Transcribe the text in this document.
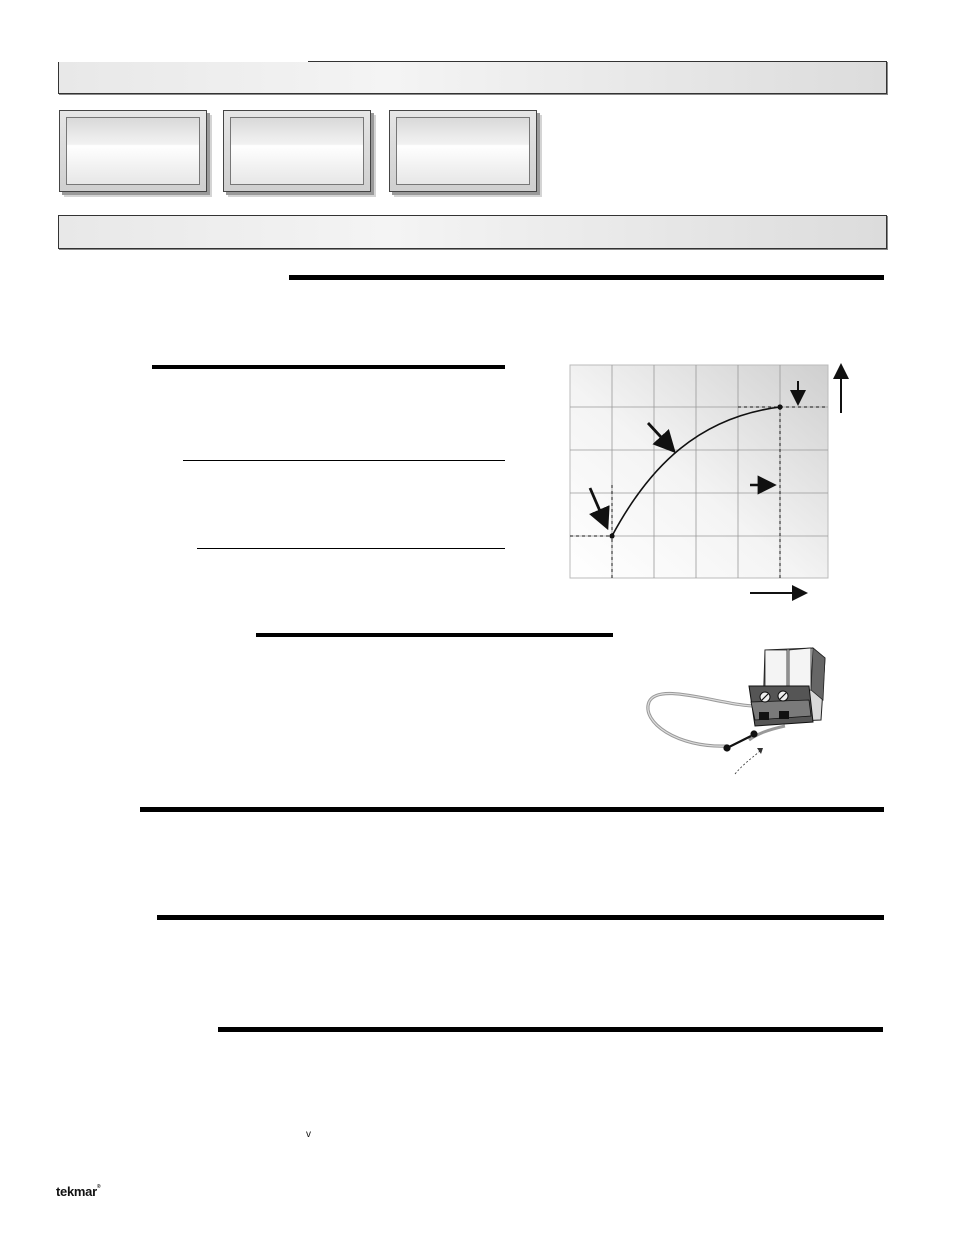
v
tekmar®
